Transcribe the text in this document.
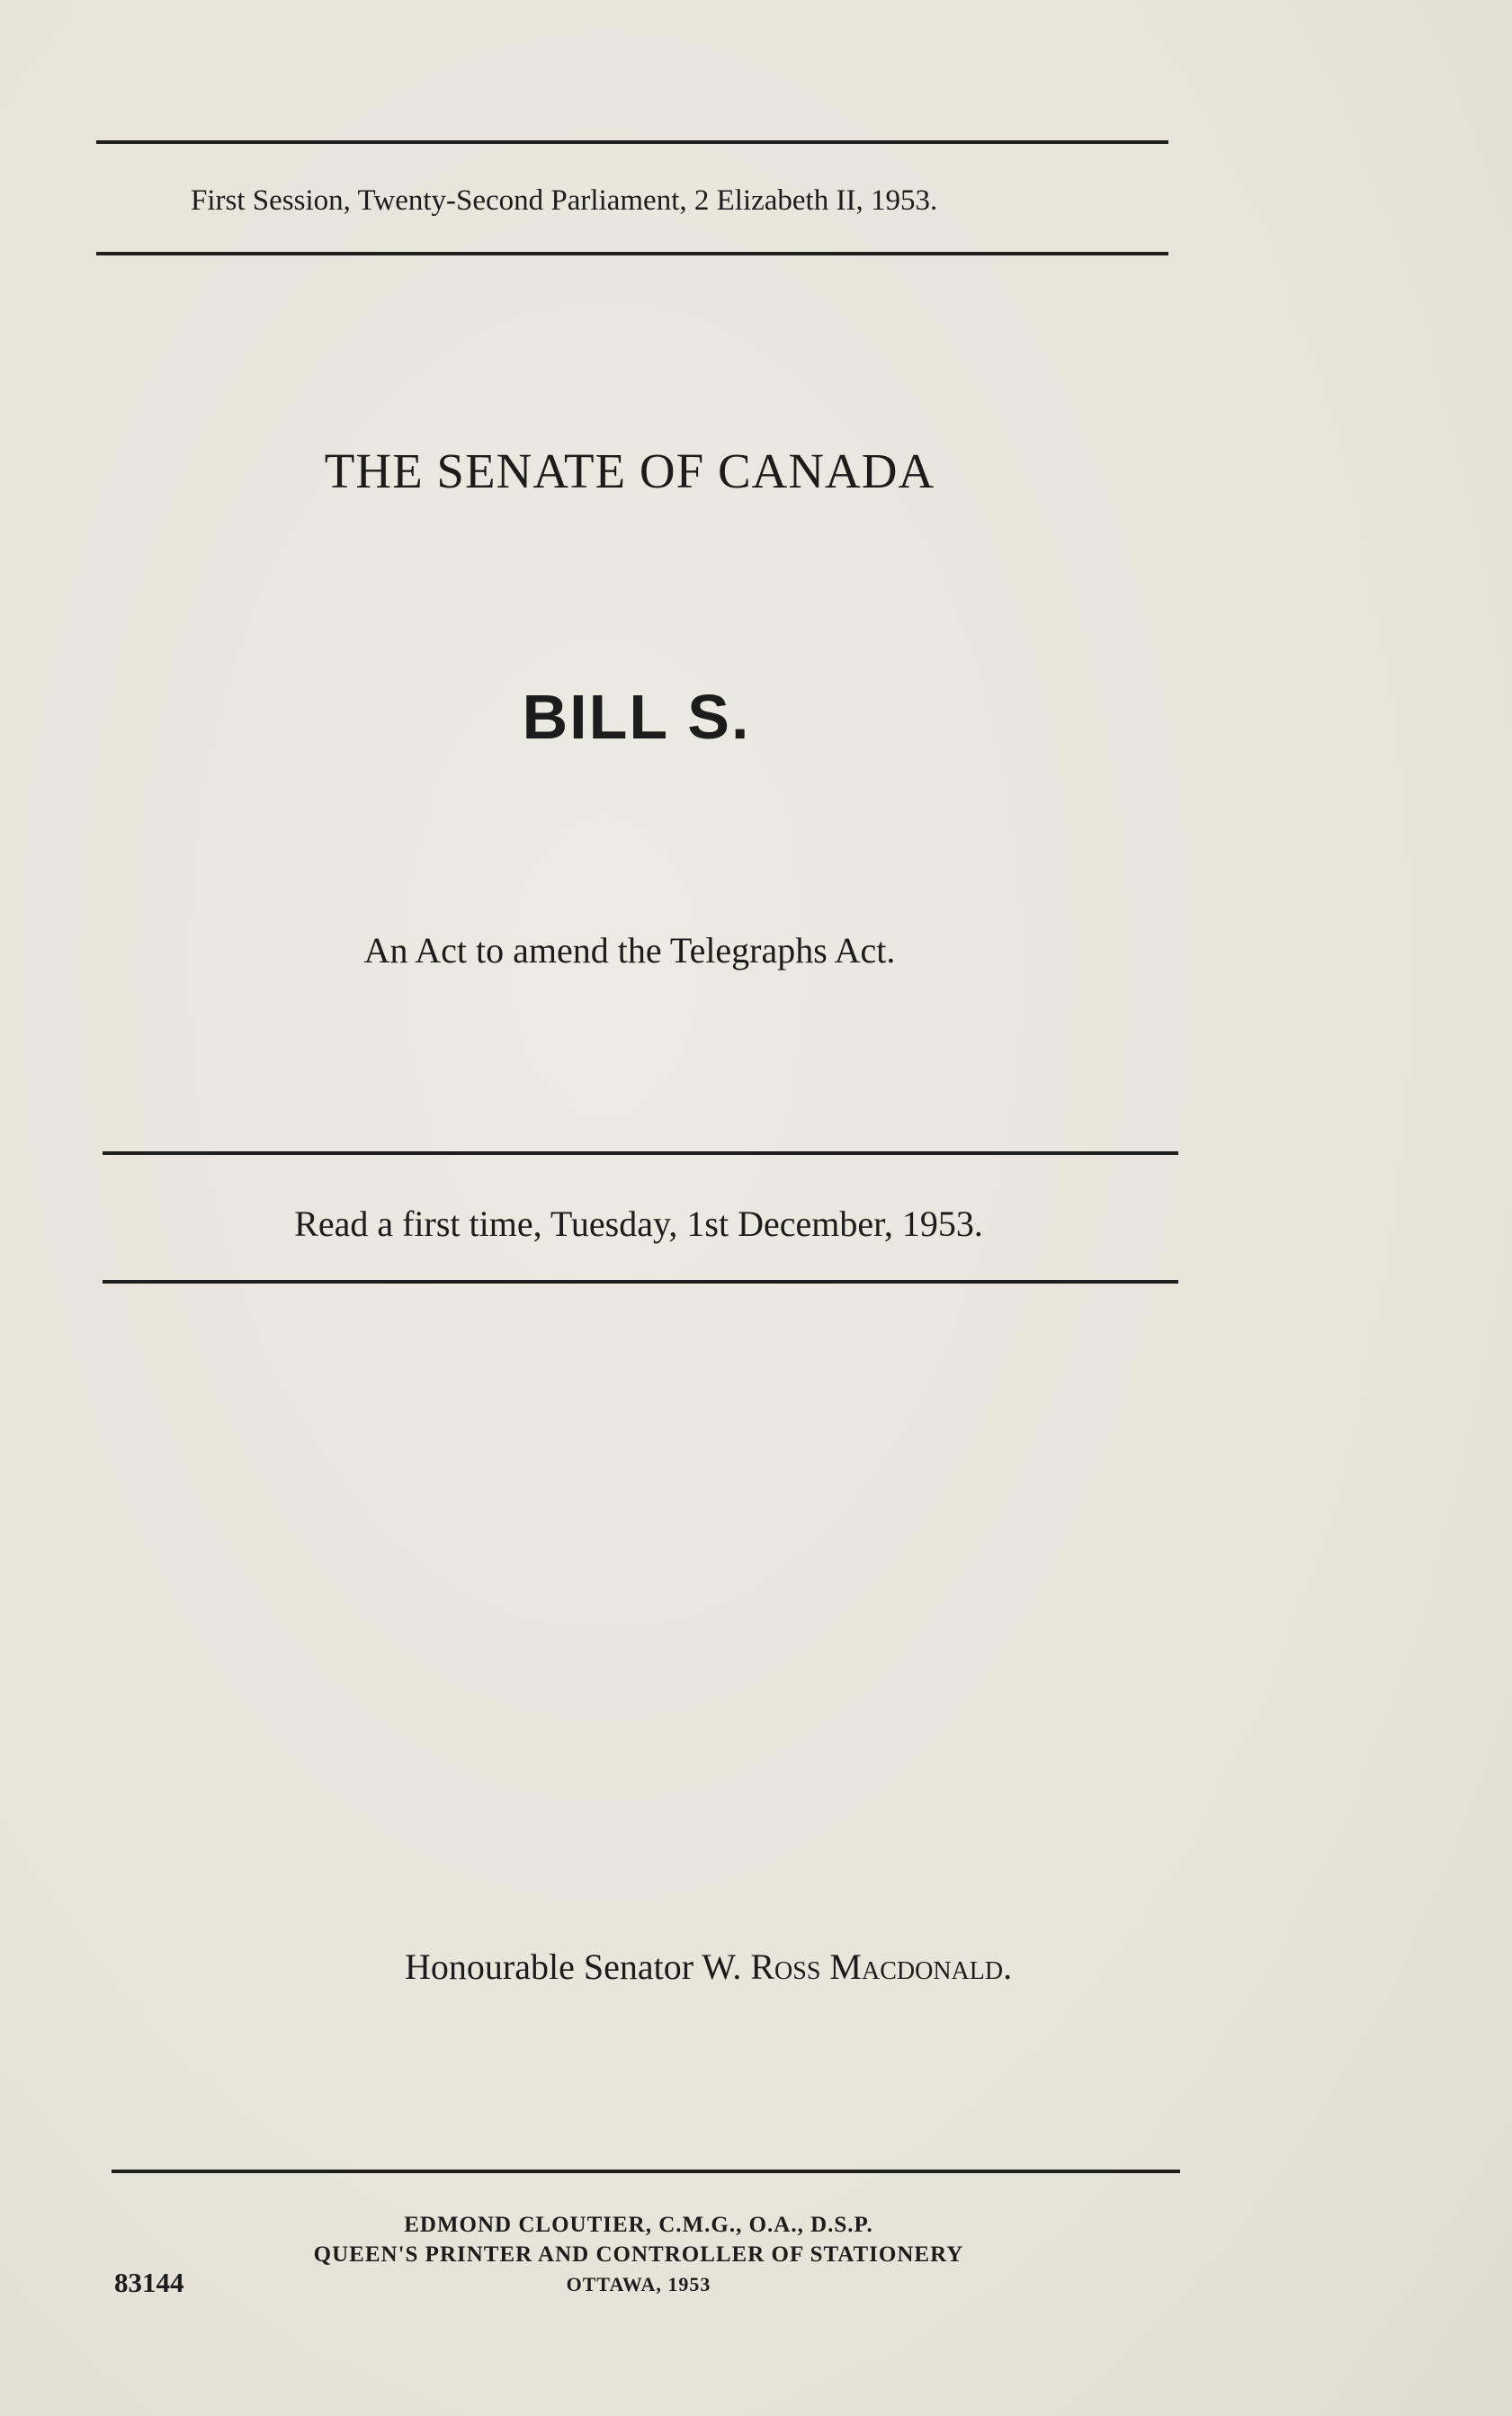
First Session, Twenty-Second Parliament, 2 Elizabeth II, 1953.
THE SENATE OF CANADA
BILL S.
An Act to amend the Telegraphs Act.
Read a first time, Tuesday, 1st December, 1953.
Honourable Senator W. Ross Macdonald.
EDMOND CLOUTIER, C.M.G., O.A., D.S.P.
QUEEN'S PRINTER AND CONTROLLER OF STATIONERY
OTTAWA, 1953
83144
